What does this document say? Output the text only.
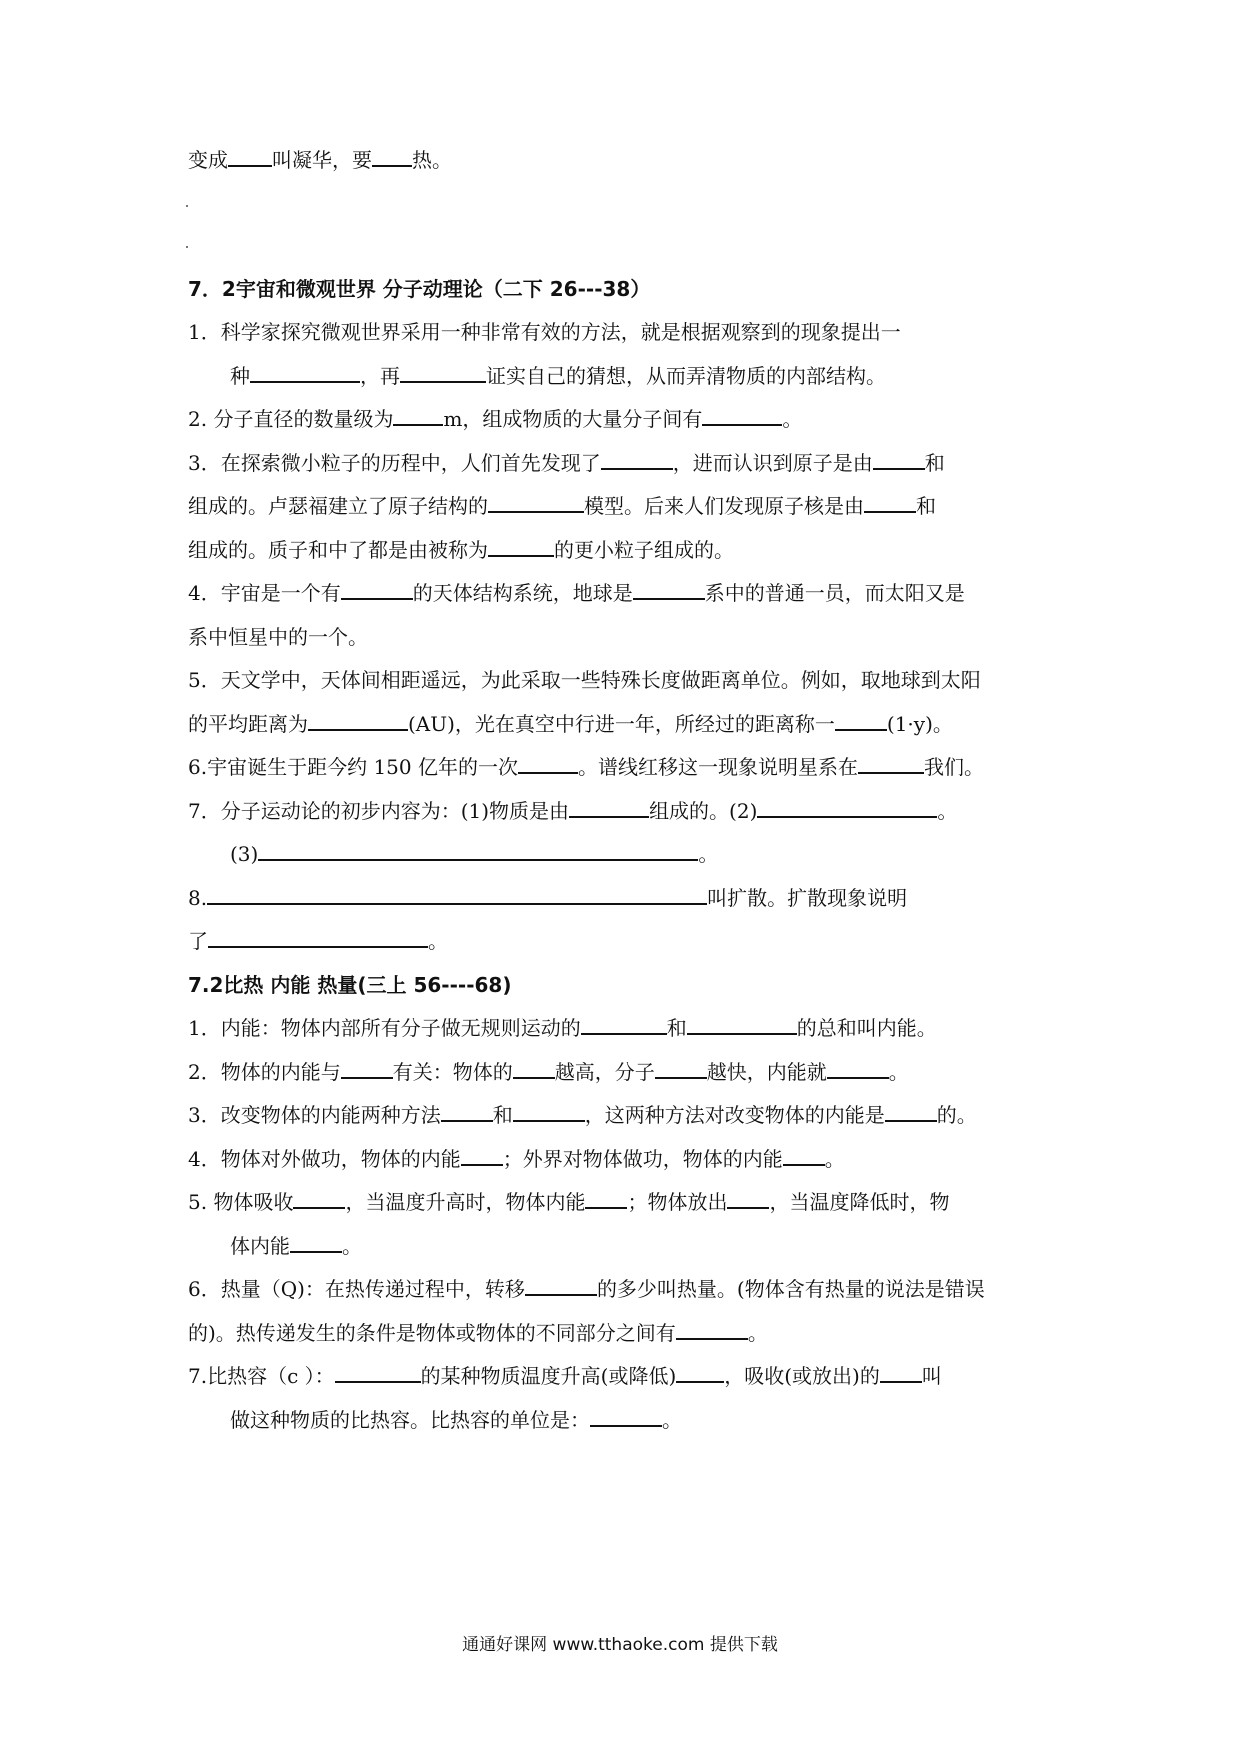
变成 叫凝华，要 热。
7．2宇宙和微观世界 分子动理论（二下 26---38）
1．科学家探究微观世界采用一种非常有效的方法，就是根据观察到的现象提出一
种	，再	证实自己的猜想，从而弄清物质的内部结构。
2. 分子直径的数量级为	m，组成物质的大量分子间有	。
3．在探索微小粒子的历程中，人们首先发现了	，进而认识到原子是由	和
组成的。卢瑟福建立了原子结构的	模型。后来人们发现原子核是由	和
组成的。质子和中了都是由被称为	的更小粒子组成的。
4．宇宙是一个有	的天体结构系统，地球是	系中的普通一员，而太阳又是
系中恒星中的一个。
5．天文学中，天体间相距遥远，为此采取一些特殊长度做距离单位。例如，取地球到太阳
的平均距离为	(AU)，光在真空中行进一年，所经过的距离称一	(1·y)。
6.宇宙诞生于距今约 150 亿年的一次	。谱线红移这一现象说明星系在	我们。
7．分子运动论的初步内容为：(1)物质是由	组成的。(2)	。
(3)	。
8.	叫扩散。扩散现象说明
了	。
7.2比热 内能 热量(三上 56----68)
1．内能：物体内部所有分子做无规则运动的	和	的总和叫内能。
2．物体的内能与	有关：物体的 越高，分子	越快，内能就	。
3．改变物体的内能两种方法	和	，这两种方法对改变物体的内能是	的。
4．物体对外做功，物体的内能 ；外界对物体做功，物体的内能 。
5. 物体吸收	，当温度升高时，物体内能 ；物体放出 ，当温度降低时，物
体内能	。
6．热量（Q)：在热传递过程中，转移	的多少叫热量。(物体含有热量的说法是错误
的)。热传递发生的条件是物体或物体的不同部分之间有	。
7.比热容（c ）：	的某种物质温度升高(或降低) ，吸收(或放出)的 叫
做这种物质的比热容。比热容的单位是：	。
通通好课网 www.tthaoke.com 提供下载
